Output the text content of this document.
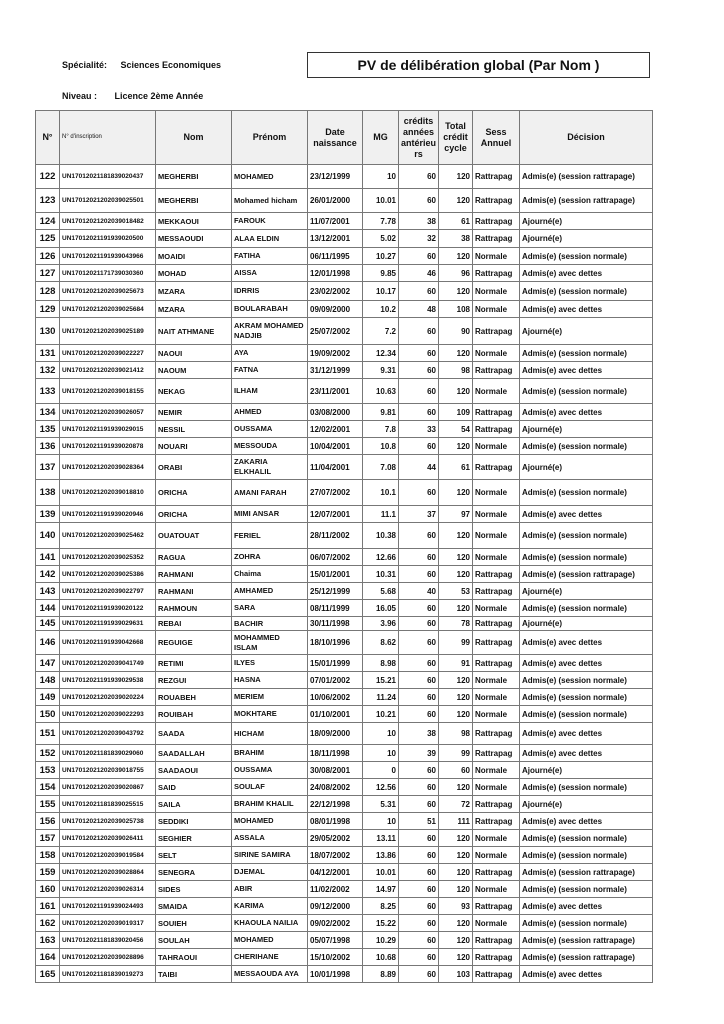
Spécialité: Sciences Economiques
Niveau : Licence 2ème Année
PV de délibération global (Par Nom )
N°	N° d'inscription	Nom	Prénom	Date naissance	MG	crédits années antérieu rs	Total crédit cycle	Sess Annuel	Décision
122	UN17012021181839020437	MEGHERBI	MOHAMED	23/12/1999	10	60	120	Rattrapag	Admis(e) (session rattrapage)
123	UN17012021202039025501	MEGHERBI	Mohamed hicham	26/01/2000	10.01	60	120	Rattrapag	Admis(e) (session rattrapage)
124	UN17012021202039018482	MEKKAOUI	FAROUK	11/07/2001	7.78	38	61	Rattrapag	Ajourné(e)
125	UN17012021191939020500	MESSAOUDI	ALAA ELDIN	13/12/2001	5.02	32	38	Rattrapag	Ajourné(e)
126	UN17012021191939043966	MOAIDI	FATIHA	06/11/1995	10.27	60	120	Normale	Admis(e) (session normale)
127	UN17012021171739030360	MOHAD	AISSA	12/01/1998	9.85	46	96	Rattrapag	Admis(e) avec dettes
128	UN17012021202039025673	MZARA	IDRRIS	23/02/2002	10.17	60	120	Normale	Admis(e) (session normale)
129	UN17012021202039025684	MZARA	BOULARABAH	09/09/2000	10.2	48	108	Normale	Admis(e) avec dettes
130	UN17012021202039025189	NAIT ATHMANE	AKRAM MOHAMED NADJIB	25/07/2002	7.2	60	90	Rattrapag	Ajourné(e)
131	UN17012021202039022227	NAOUI	AYA	19/09/2002	12.34	60	120	Normale	Admis(e) (session normale)
132	UN17012021202039021412	NAOUM	FATNA	31/12/1999	9.31	60	98	Rattrapag	Admis(e) avec dettes
133	UN17012021202039018155	NEKAG	ILHAM	23/11/2001	10.63	60	120	Normale	Admis(e) (session normale)
134	UN17012021202039026057	NEMIR	AHMED	03/08/2000	9.81	60	109	Rattrapag	Admis(e) avec dettes
135	UN17012021191939029015	NESSIL	OUSSAMA	12/02/2001	7.8	33	54	Rattrapag	Ajourné(e)
136	UN17012021191939020878	NOUARI	MESSOUDA	10/04/2001	10.8	60	120	Normale	Admis(e) (session normale)
137	UN17012021202039028364	ORABI	ZAKARIA ELKHALIL	11/04/2001	7.08	44	61	Rattrapag	Ajourné(e)
138	UN17012021202039018810	ORICHA	AMANI FARAH	27/07/2002	10.1	60	120	Normale	Admis(e) (session normale)
139	UN17012021191939020946	ORICHA	MIMI ANSAR	12/07/2001	11.1	37	97	Normale	Admis(e) avec dettes
140	UN17012021202039025462	OUATOUAT	FERIEL	28/11/2002	10.38	60	120	Normale	Admis(e) (session normale)
141	UN17012021202039025352	RAGUA	ZOHRA	06/07/2002	12.66	60	120	Normale	Admis(e) (session normale)
142	UN17012021202039025386	RAHMANI	Chaima	15/01/2001	10.31	60	120	Rattrapag	Admis(e) (session rattrapage)
143	UN17012021202039022797	RAHMANI	AMHAMED	25/12/1999	5.68	40	53	Rattrapag	Ajourné(e)
144	UN17012021191939020122	RAHMOUN	SARA	08/11/1999	16.05	60	120	Normale	Admis(e) (session normale)
145	UN17012021191939029631	REBAI	BACHIR	30/11/1998	3.96	60	78	Rattrapag	Ajourné(e)
146	UN17012021191939042668	REGUIGE	MOHAMMED ISLAM	18/10/1996	8.62	60	99	Rattrapag	Admis(e) avec dettes
147	UN17012021202039041749	RETIMI	ILYES	15/01/1999	8.98	60	91	Rattrapag	Admis(e) avec dettes
148	UN17012021191939029538	REZGUI	HASNA	07/01/2002	15.21	60	120	Normale	Admis(e) (session normale)
149	UN17012021202039020224	ROUABEH	MERIEM	10/06/2002	11.24	60	120	Normale	Admis(e) (session normale)
150	UN17012021202039022293	ROUIBAH	MOKHTARE	01/10/2001	10.21	60	120	Normale	Admis(e) (session normale)
151	UN17012021202039043792	SAADA	HICHAM	18/09/2000	10	38	98	Rattrapag	Admis(e) avec dettes
152	UN17012021181839029060	SAADALLAH	BRAHIM	18/11/1998	10	39	99	Rattrapag	Admis(e) avec dettes
153	UN17012021202039018755	SAADAOUI	OUSSAMA	30/08/2001	0	60	60	Normale	Ajourné(e)
154	UN17012021202039020867	SAID	SOULAF	24/08/2002	12.56	60	120	Normale	Admis(e) (session normale)
155	UN17012021181839025515	SAILA	BRAHIM KHALIL	22/12/1998	5.31	60	72	Rattrapag	Ajourné(e)
156	UN17012021202039025738	SEDDIKI	MOHAMED	08/01/1998	10	51	111	Rattrapag	Admis(e) avec dettes
157	UN17012021202039026411	SEGHIER	ASSALA	29/05/2002	13.11	60	120	Normale	Admis(e) (session normale)
158	UN17012021202039019584	SELT	SIRINE SAMIRA	18/07/2002	13.86	60	120	Normale	Admis(e) (session normale)
159	UN17012021202039028864	SENEGRA	DJEMAL	04/12/2001	10.01	60	120	Rattrapag	Admis(e) (session rattrapage)
160	UN17012021202039026314	SIDES	ABIR	11/02/2002	14.97	60	120	Normale	Admis(e) (session normale)
161	UN17012021191939024493	SMAIDA	KARIMA	09/12/2000	8.25	60	93	Rattrapag	Admis(e) avec dettes
162	UN17012021202039019317	SOUIEH	KHAOULA NAILIA	09/02/2002	15.22	60	120	Normale	Admis(e) (session normale)
163	UN17012021181839020456	SOULAH	MOHAMED	05/07/1998	10.29	60	120	Rattrapag	Admis(e) (session rattrapage)
164	UN17012021202039028896	TAHRAOUI	CHERIHANE	15/10/2002	10.68	60	120	Rattrapag	Admis(e) (session rattrapage)
165	UN17012021181839019273	TAIBI	MESSAOUDA AYA	10/01/1998	8.89	60	103	Rattrapag	Admis(e) avec dettes
